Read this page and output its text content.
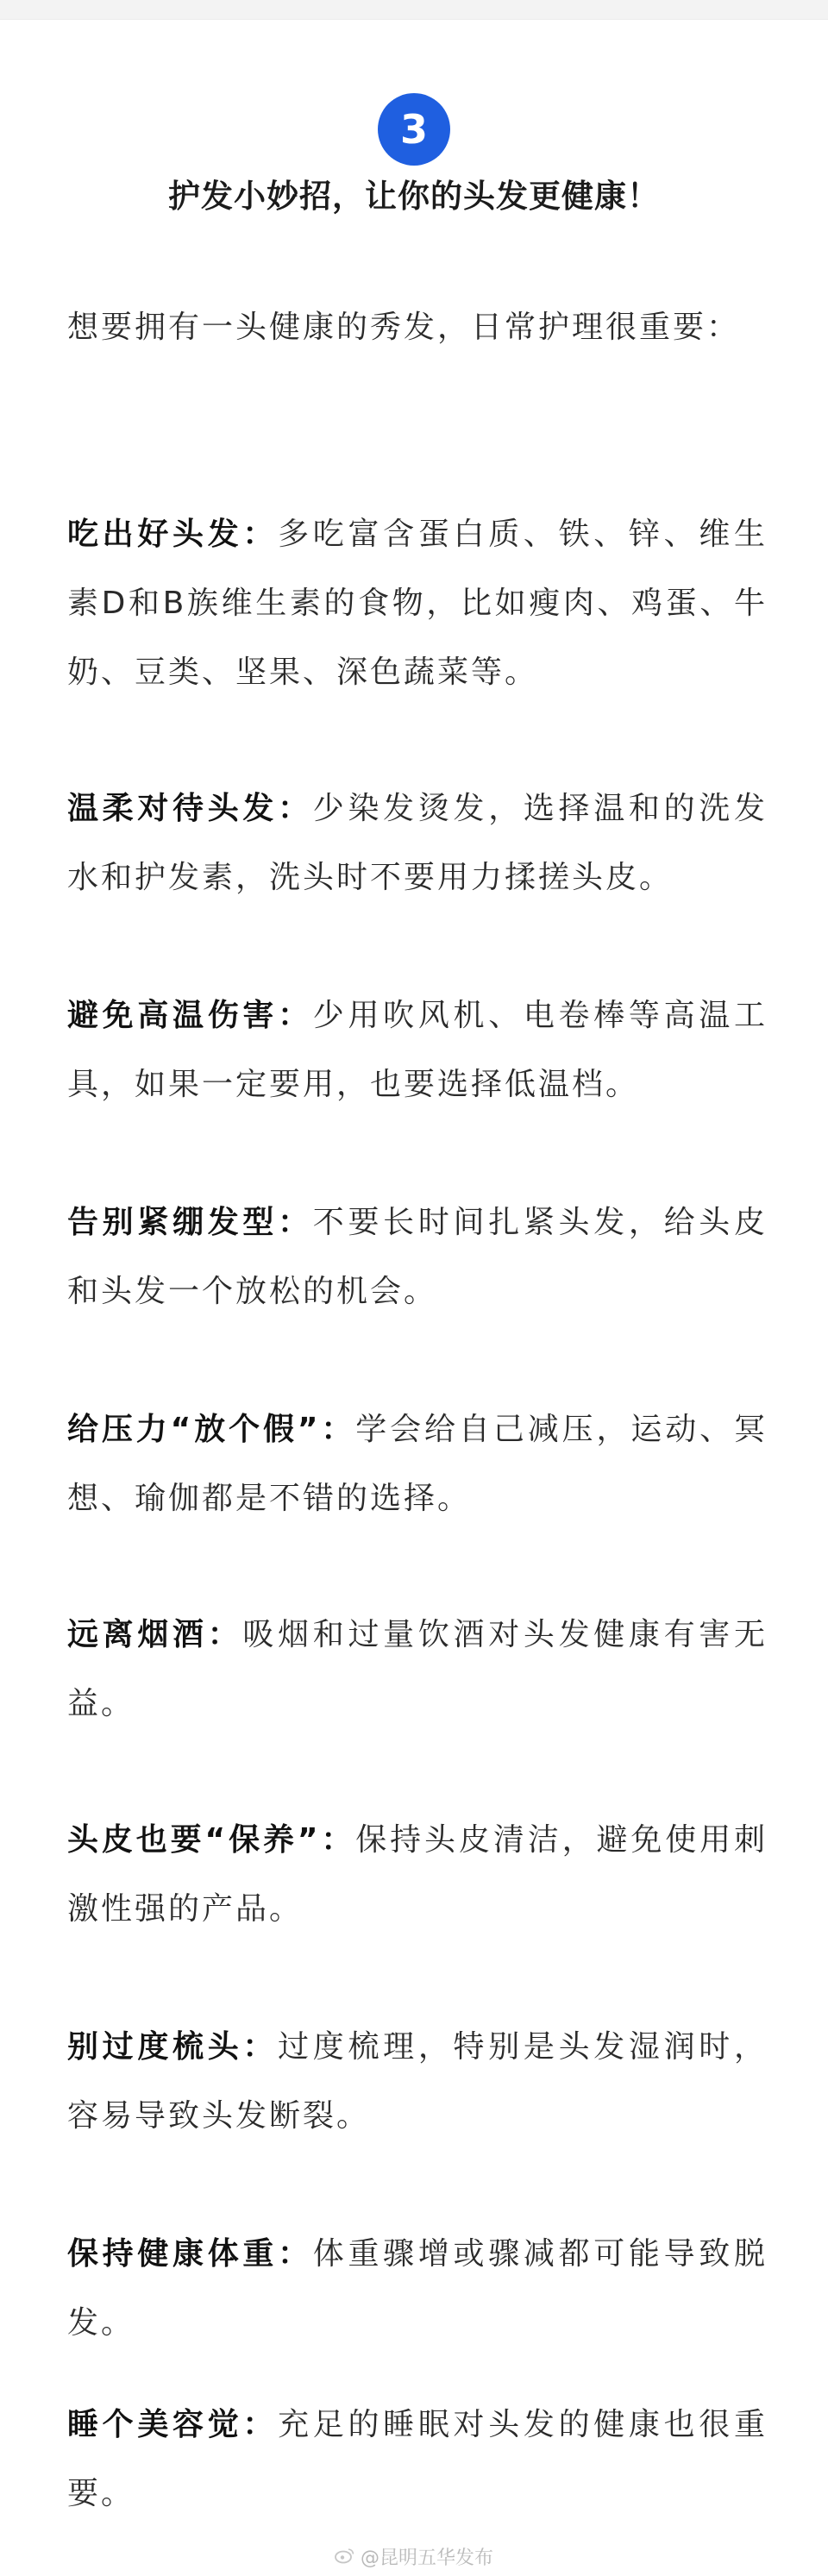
3
护发小妙招，让你的头发更健康！

想要拥有一头健康的秀发，日常护理很重要：

吃出好头发：多吃富含蛋白质、铁、锌、维生素D和B族维生素的食物，比如瘦肉、鸡蛋、牛奶、豆类、坚果、深色蔬菜等。

温柔对待头发：少染发烫发，选择温和的洗发水和护发素，洗头时不要用力揉搓头皮。

避免高温伤害：少用吹风机、电卷棒等高温工具，如果一定要用，也要选择低温档。

告别紧绷发型：不要长时间扎紧头发，给头皮和头发一个放松的机会。

给压力“放个假”：学会给自己减压，运动、冥想、瑜伽都是不错的选择。

远离烟酒：吸烟和过量饮酒对头发健康有害无益。

头皮也要“保养”：保持头皮清洁，避免使用刺激性强的产品。

别过度梳头：过度梳理，特别是头发湿润时，容易导致头发断裂。

保持健康体重：体重骤增或骤减都可能导致脱发。

睡个美容觉：充足的睡眠对头发的健康也很重要。

@昆明五华发布
